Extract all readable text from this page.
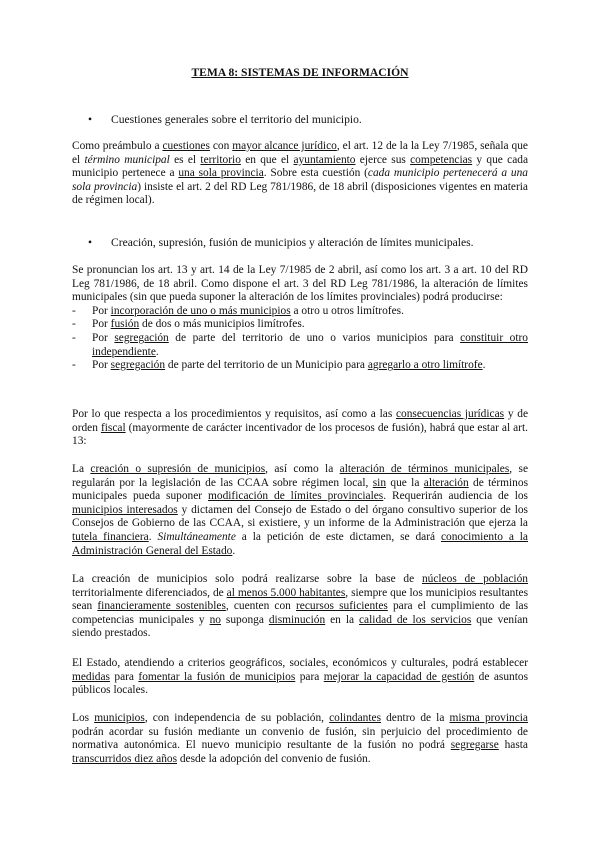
TEMA 8: SISTEMAS DE INFORMACIÓN
• Cuestiones generales sobre el territorio del municipio.

Como preámbulo a cuestiones con mayor alcance jurídico, el art. 12 de la la Ley 7/1985, señala que el término municipal es el territorio en que el ayuntamiento ejerce sus competencias y que cada municipio pertenece a una sola provincia. Sobre esta cuestión (cada municipio pertenecerá a una sola provincia) insiste el art. 2 del RD Leg 781/1986, de 18 abril (disposiciones vigentes en materia de régimen local).

• Creación, supresión, fusión de municipios y alteración de límites municipales.

Se pronuncian los art. 13 y art. 14 de la Ley 7/1985 de 2 abril, así como los art. 3 a art. 10 del RD Leg 781/1986, de 18 abril. Como dispone el art. 3 del RD Leg 781/1986, la alteración de límites municipales (sin que pueda suponer la alteración de los límites provinciales) podrá producirse:

- Por incorporación de uno o más municipios a otro u otros limítrofes.
- Por fusión de dos o más municipios limítrofes.
- Por segregación de parte del territorio de uno o varios municipios para constituir otro independiente.
- Por segregación de parte del territorio de un Municipio para agregarlo a otro limítrofe.

Por lo que respecta a los procedimientos y requisitos, así como a las consecuencias jurídicas y de orden fiscal (mayormente de carácter incentivador de los procesos de fusión), habrá que estar al art. 13:

La creación o supresión de municipios, así como la alteración de términos municipales, se regularán por la legislación de las CCAA sobre régimen local, sin que la alteración de términos municipales pueda suponer modificación de límites provinciales. Requerirán audiencia de los municipios interesados y dictamen del Consejo de Estado o del órgano consultivo superior de los Consejos de Gobierno de las CCAA, si existiere, y un informe de la Administración que ejerza la tutela financiera. Simultáneamente a la petición de este dictamen, se dará conocimiento a la Administración General del Estado.

La creación de municipios solo podrá realizarse sobre la base de núcleos de población territorialmente diferenciados, de al menos 5.000 habitantes, siempre que los municipios resultantes sean financieramente sostenibles, cuenten con recursos suficientes para el cumplimiento de las competencias municipales y no suponga disminución en la calidad de los servicios que venían siendo prestados.

El Estado, atendiendo a criterios geográficos, sociales, económicos y culturales, podrá establecer medidas para fomentar la fusión de municipios para mejorar la capacidad de gestión de asuntos públicos locales.

Los municipios, con independencia de su población, colindantes dentro de la misma provincia podrán acordar su fusión mediante un convenio de fusión, sin perjuicio del procedimiento de normativa autonómica. El nuevo municipio resultante de la fusión no podrá segregarse hasta transcurridos diez años desde la adopción del convenio de fusión.
